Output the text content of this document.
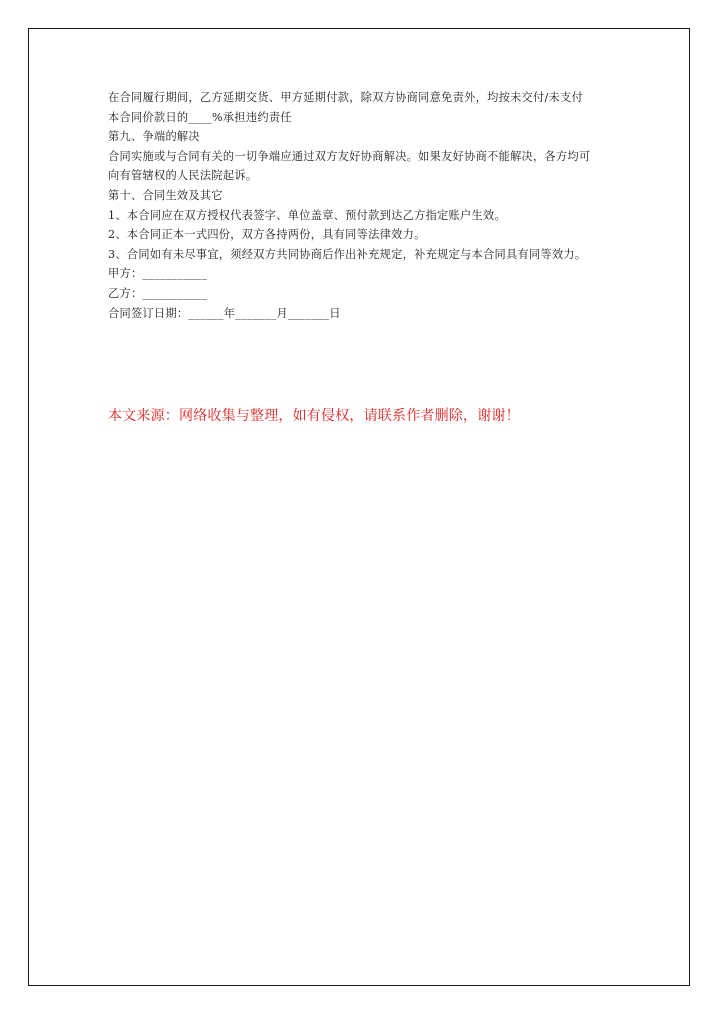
在合同履行期间，乙方延期交货、甲方延期付款，除双方协商同意免责外，均按未交付/未支付
本合同价款日的____%承担违约责任
第九、争端的解决
合同实施或与合同有关的一切争端应通过双方友好协商解决。如果友好协商不能解决，各方均可
向有管辖权的人民法院起诉。
第十、合同生效及其它
1、本合同应在双方授权代表签字、单位盖章、预付款到达乙方指定账户生效。
2、本合同正本一式四份，双方各持两份，具有同等法律效力。
3、合同如有未尽事宜，须经双方共同协商后作出补充规定，补充规定与本合同具有同等效力。
甲方：___________
乙方：___________
合同签订日期：______年_______月_______日
本文来源：网络收集与整理，如有侵权，请联系作者删除，谢谢！
